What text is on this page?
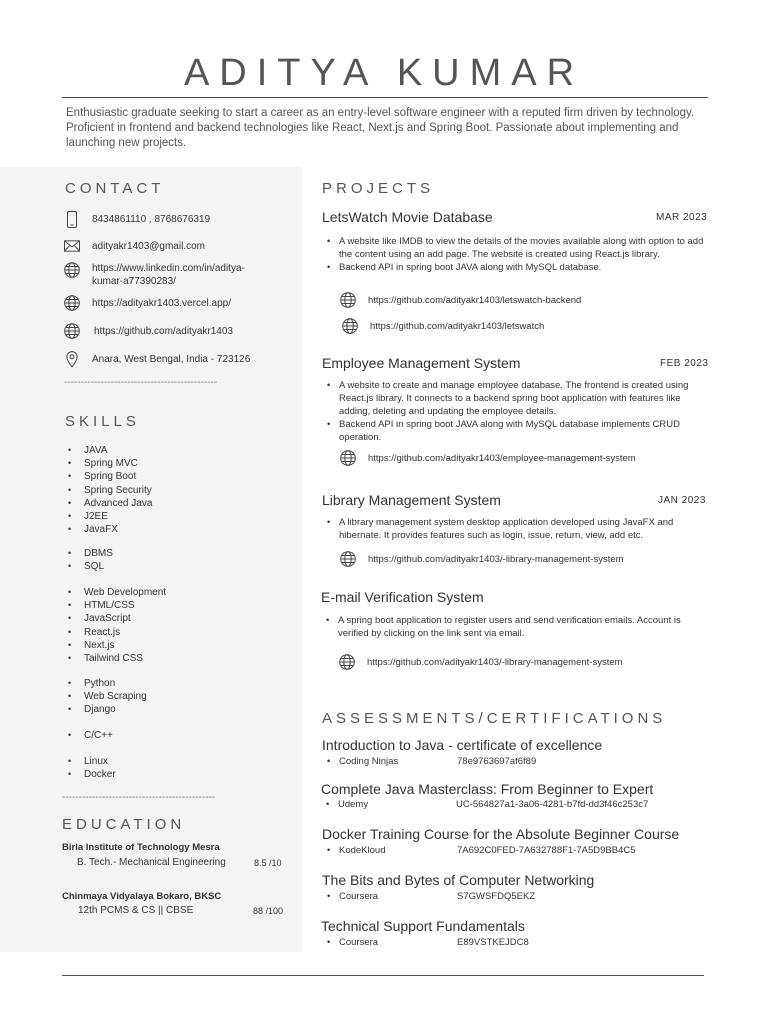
ADITYA KUMAR
Enthusiastic graduate seeking to start a career as an entry-level software engineer with a reputed firm driven by technology. Proficient in frontend and backend technologies like React, Next.js and Spring Boot. Passionate about implementing and launching new projects.
CONTACT
8434861110 , 8768676319
adityakr1403@gmail.com
https://www.linkedin.com/in/aditya-kumar-a77390283/
https://adityakr1403.vercel.app/
https://github.com/adityakr1403
Anara, West Bengal, India - 723126
----------------------------------------------
SKILLS
• JAVA
• Spring MVC
• Spring Boot
• Spring Security
• Advanced Java
• J2EE
• JavaFX
• DBMS
• SQL
• Web Development
• HTML/CSS
• JavaScript
• React.js
• Next.js
• Tailwind CSS
• Python
• Web Scraping
• Django
• C/C++
• Linux
• Docker
----------------------------------------------
EDUCATION
Birla Institute of Technology Mesra
B. Tech.- Mechanical Engineering	8.5 /10
Chinmaya Vidyalaya Bokaro, BKSC
12th PCMS & CS || CBSE	88 /100
PROJECTS
LetsWatch Movie Database	MAR 2023
• A website like IMDB to view the details of the movies available along with option to add the content using an add page. The website is created using React.js library.
• Backend API in spring boot JAVA along with MySQL database.
https://github.com/adityakr1403/letswatch-backend
https://github.com/adityakr1403/letswatch
Employee Management System	FEB 2023
• A website to create and manage employee database. The frontend is created using React.js library. It connects to a backend spring boot application with features like adding, deleting and updating the employee details.
• Backend API in spring boot JAVA along with MySQL database implements CRUD operation.
https://github.com/adityakr1403/employee-management-system
Library Management System	JAN 2023
• A library management system desktop application developed using JavaFX and hibernate. It provides features such as login, issue, return, view, add etc.
https://github.com/adityakr1403/-library-management-system
E-mail Verification System
• A spring boot application to register users and send verification emails. Account is verified by clicking on the link sent via email.
https://github.com/adityakr1403/-library-management-system
ASSESSMENTS/CERTIFICATIONS
Introduction to Java - certificate of excellence
• Coding Ninjas	78e9763697af6f89
Complete Java Masterclass: From Beginner to Expert
• Udemy	UC-564827a1-3a06-4281-b7fd-dd3f46c253c7
Docker Training Course for the Absolute Beginner Course
• KodeKloud	7A692C0FED-7A632788F1-7A5D9BB4C5
The Bits and Bytes of Computer Networking
• Coursera	S7GWSFDQ5EKZ
Technical Support Fundamentals
• Coursera	E89VSTKEJDC8
